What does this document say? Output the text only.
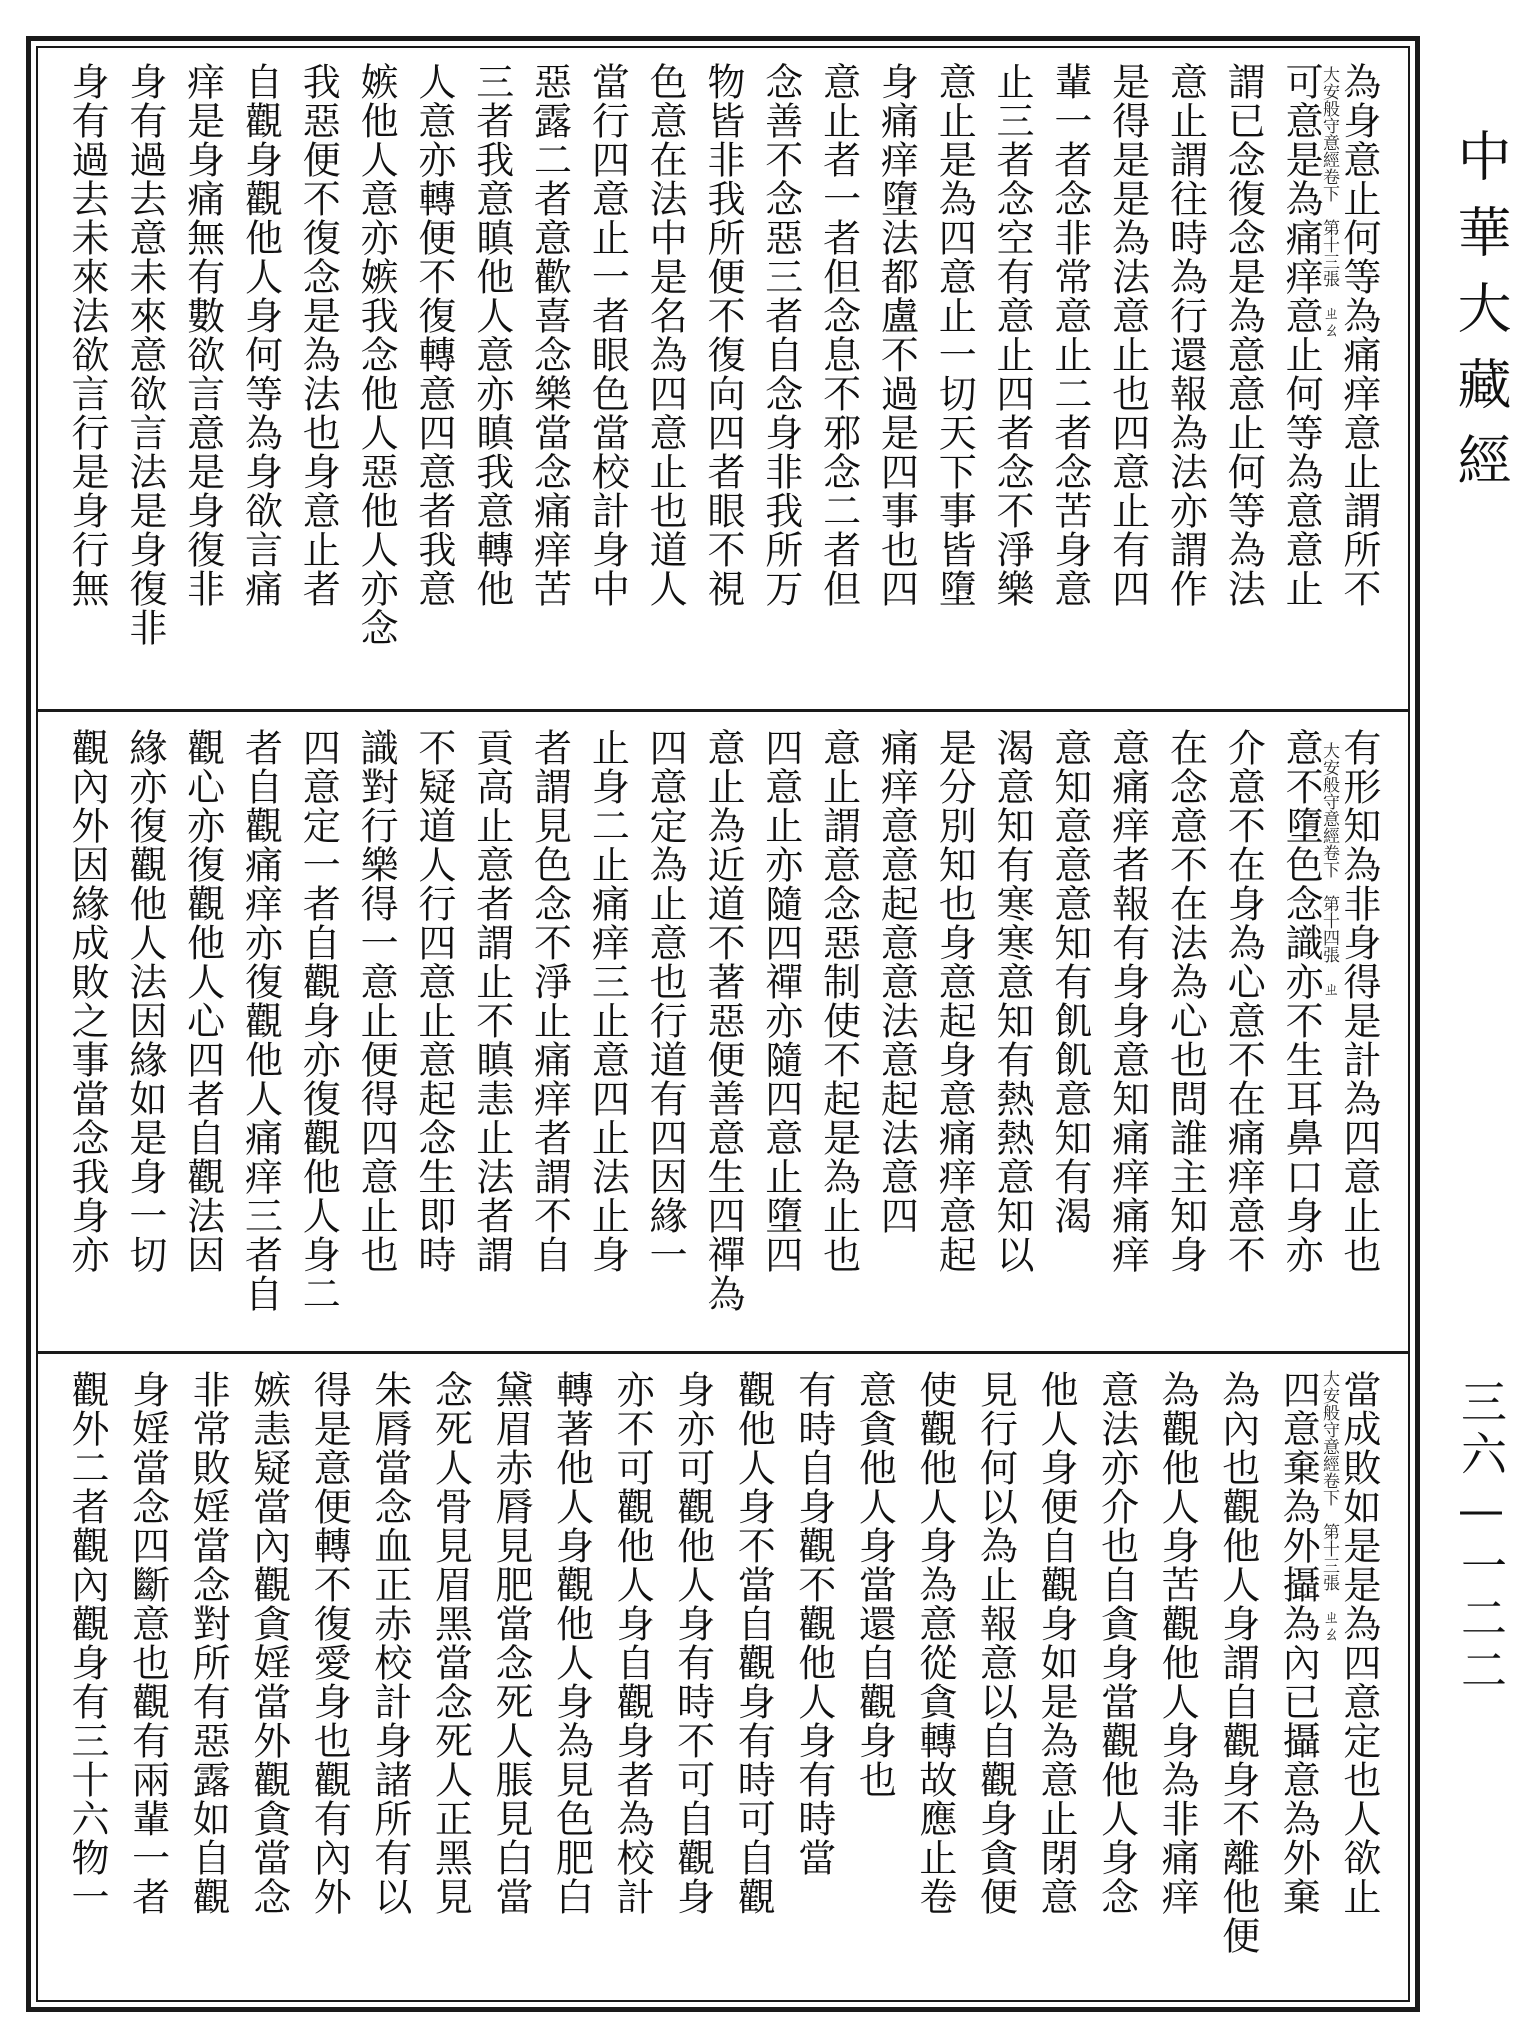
為身意止何等為痛痒意止謂所不
可意是為痛痒意止何等為意意止
謂已念復念是為意意止何等為法
意止謂往時為行還報為法亦謂作
是得是是為法意止也四意止有四
輩一者念非常意止二者念苦身意
止三者念空有意止四者念不淨樂
意止是為四意止一切天下事皆墮
身痛痒墮法都盧不過是四事也四
意止者一者但念息不邪念二者但
念善不念惡三者自念身非我所万
物皆非我所便不復向四者眼不視
色意在法中是名為四意止也道人
當行四意止一者眼色當校計身中
惡露二者意歡喜念樂當念痛痒苦
三者我意瞋他人意亦瞋我意轉他
人意亦轉便不復轉意四意者我意
嫉他人意亦嫉我念他人惡他人亦念
我惡便不復念是為法也身意止者
自觀身觀他人身何等為身欲言痛
痒是身痛無有數欲言意是身復非
身有過去意未來意欲言法是身復非
身有過去未來法欲言行是身行無	大安般守意經卷下　第十三張　ㄓㄠ
有形知為非身得是計為四意止也
意不墮色念識亦不生耳鼻口身亦
介意不在身為心意不在痛痒意不
在念意不在法為心也問誰主知身
意痛痒者報有身身意知痛痒痛痒
意知意意意知有飢飢意知有渴
渴意知有寒寒意知有熱熱意知以
是分別知也身意起身意痛痒意起
痛痒意意起意意法意起法意四
意止謂意念惡制使不起是為止也
四意止亦隨四禪亦隨四意止墮四
意止為近道不著惡便善意生四禪為
四意定為止意也行道有四因緣一
止身二止痛痒三止意四止法止身
者謂見色念不淨止痛痒者謂不自
貢高止意者謂止不瞋恚止法者謂
不疑道人行四意止意起念生即時
識對行樂得一意止便得四意止也
四意定一者自觀身亦復觀他人身二
者自觀痛痒亦復觀他人痛痒三者自
觀心亦復觀他人心四者自觀法因
緣亦復觀他人法因緣如是身一切
觀內外因緣成敗之事當念我身亦	大安般守意經卷下　第十四張　ㄓ
當成敗如是是為四意定也人欲止
四意棄為外攝為內已攝意為外棄
為內也觀他人身謂自觀身不離他便
為觀他人身苦觀他人身為非痛痒
意法亦介也自貪身當觀他人身念
他人身便自觀身如是為意止閉意
見行何以為止報意以自觀身貪便
使觀他人身為意從貪轉故應止卷
意貪他人身當還自觀身也
有時自身觀不觀他人身有時當
觀他人身不當自觀身有時可自觀
身亦可觀他人身有時不可自觀身
亦不可觀他人身自觀身者為校計
轉著他人身觀他人身為見色肥白
黛眉赤脣見肥當念死人脹見白當
念死人骨見眉黑當念死人正黑見
朱脣當念血正赤校計身諸所有以
得是意便轉不復愛身也觀有內外
嫉恚疑當內觀貪婬當外觀貪當念
非常敗婬當念對所有惡露如自觀
身婬當念四斷意也觀有兩輩一者
觀外二者觀內觀身有三十六物一	大安般守意經卷下　第十三張　ㄓㄠ
中華大藏經
三六—一二二
